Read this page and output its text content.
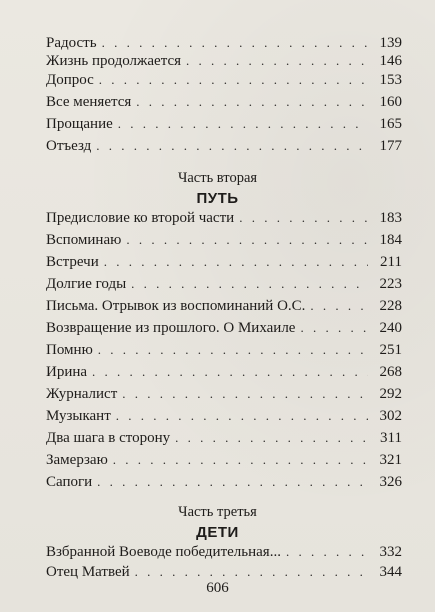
Радость . . .	139
Жизнь продолжается . . .	146
Допрос . . .	153
Все меняется . . .	160
Прощание . . .	165
Отъезд . . .	177
Часть вторая
ПУТЬ
Предисловие ко второй части . . .	183
Вспоминаю . . .	184
Встречи . . .	211
Долгие годы . . .	223
Письма. Отрывок из воспоминаний О.С. . . .	228
Возвращение из прошлого. О Михаиле . . .	240
Помню . . .	251
Ирина . . .	268
Журналист . . .	292
Музыкант . . .	302
Два шага в сторону . . .	311
Замерзаю . . .	321
Сапоги . . .	326
Часть третья
ДЕТИ
Взбранной Воеводе победительная... . . .	332
Отец Матвей . . .	344
606
